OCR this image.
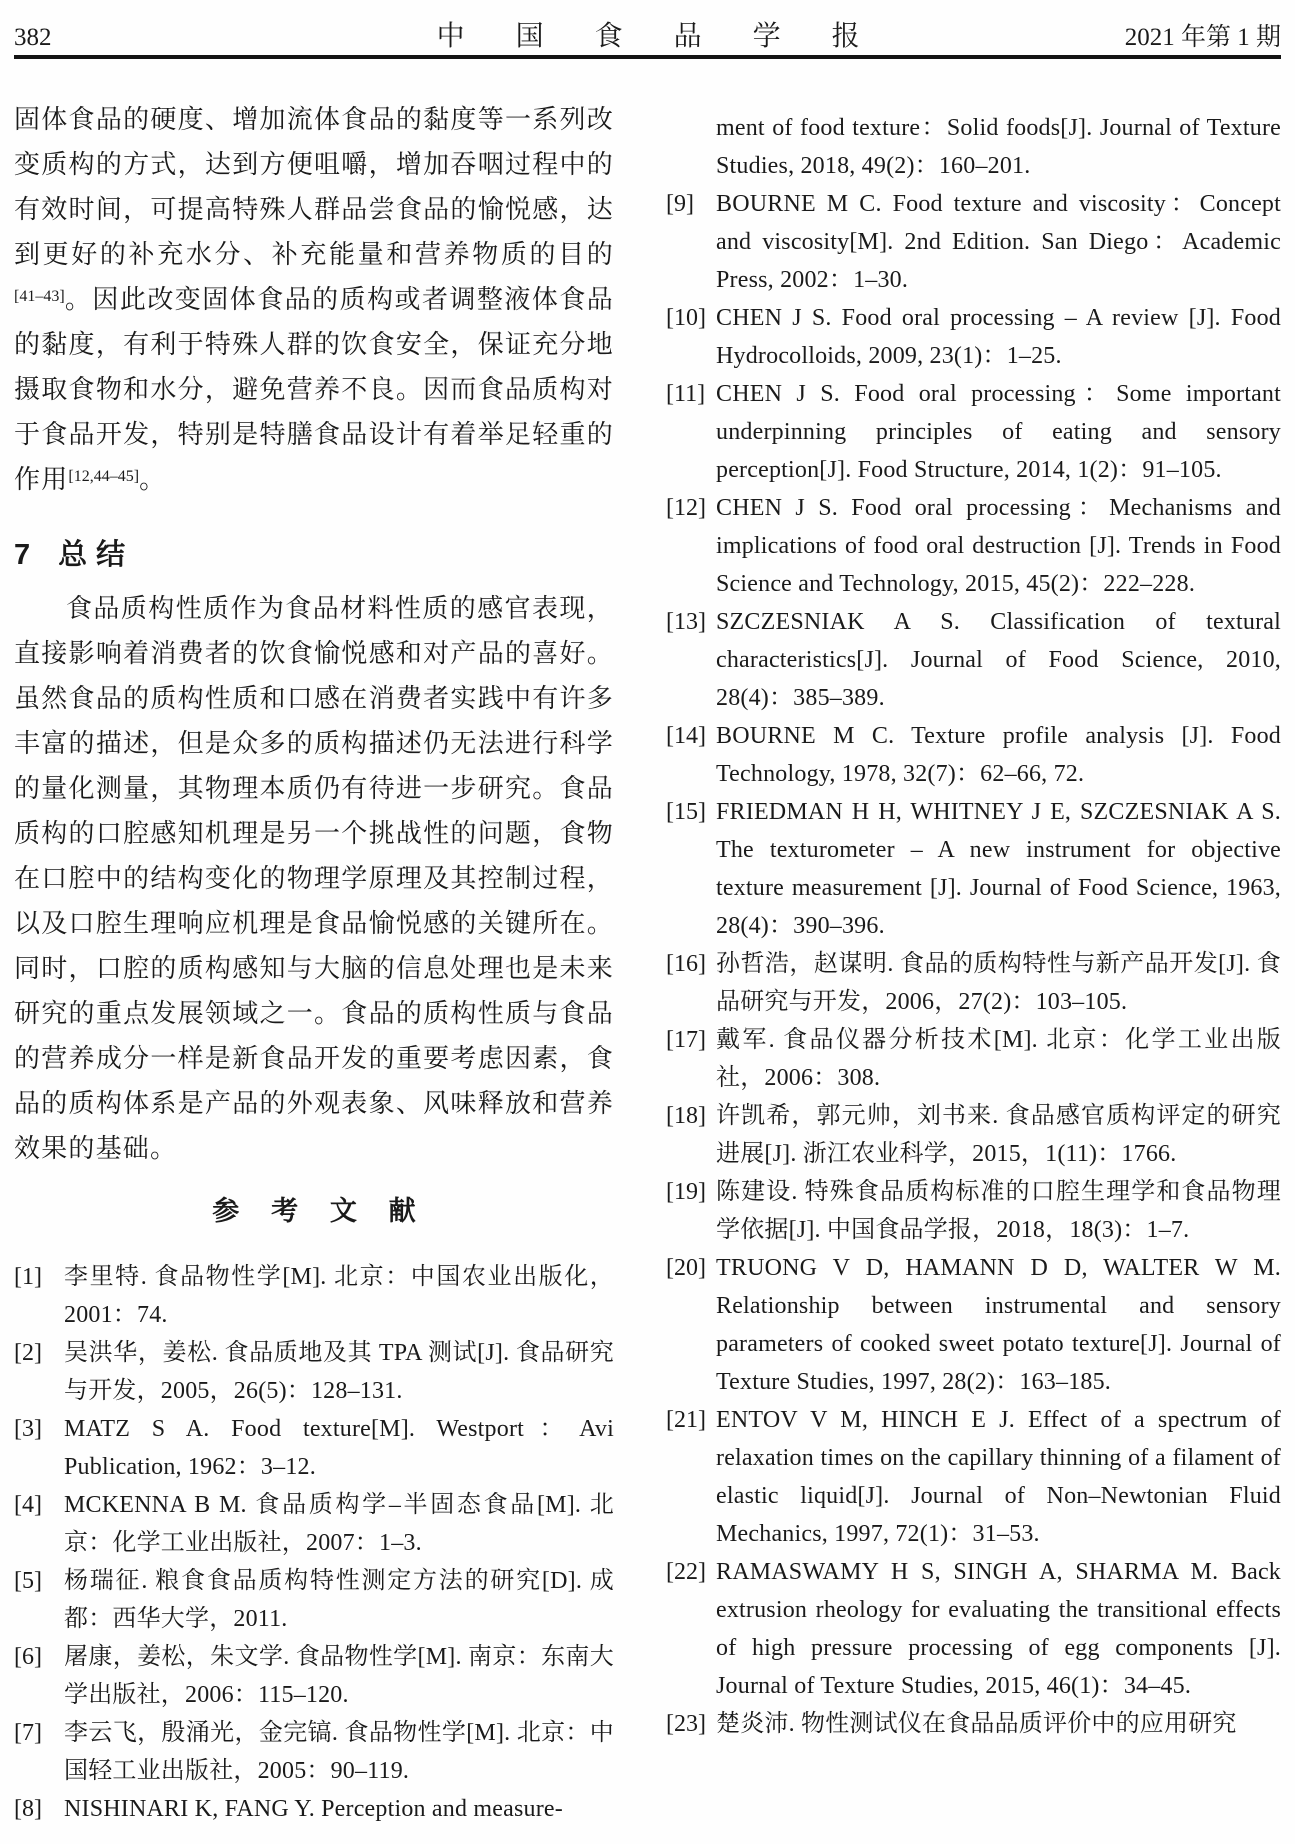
382	中 国 食 品 学 报	2021 年第 1 期

固体食品的硬度、增加流体食品的黏度等一系列改变质构的方式，达到方便咀嚼，增加吞咽过程中的有效时间，可提高特殊人群品尝食品的愉悦感，达到更好的补充水分、补充能量和营养物质的目的[41–43]。因此改变固体食品的质构或者调整液体食品的黏度，有利于特殊人群的饮食安全，保证充分地摄取食物和水分，避免营养不良。因而食品质构对于食品开发，特别是特膳食品设计有着举足轻重的作用[12,44–45]。

7 总结

食品质构性质作为食品材料性质的感官表现，直接影响着消费者的饮食愉悦感和对产品的喜好。虽然食品的质构性质和口感在消费者实践中有许多丰富的描述，但是众多的质构描述仍无法进行科学的量化测量，其物理本质仍有待进一步研究。食品质构的口腔感知机理是另一个挑战性的问题，食物在口腔中的结构变化的物理学原理及其控制过程，以及口腔生理响应机理是食品愉悦感的关键所在。同时，口腔的质构感知与大脑的信息处理也是未来研究的重点发展领域之一。食品的质构性质与食品的营养成分一样是新食品开发的重要考虑因素，食品的质构体系是产品的外观表象、风味释放和营养效果的基础。

参 考 文 献
[1] 李里特. 食品物性学[M]. 北京：中国农业出版化，2001：74.
[2] 吴洪华，姜松. 食品质地及其 TPA 测试[J]. 食品研究与开发，2005，26(5)：128–131.
[3] MATZ S A. Food texture[M]. Westport：Avi Publication, 1962：3–12.
[4] MCKENNA B M. 食品质构学–半固态食品[M]. 北京：化学工业出版社，2007：1–3.
[5] 杨瑞征. 粮食食品质构特性测定方法的研究[D]. 成都：西华大学，2011.
[6] 屠康，姜松，朱文学. 食品物性学[M]. 南京：东南大学出版社，2006：115–120.
[7] 李云飞，殷涌光，金完镐. 食品物性学[M]. 北京：中国轻工业出版社，2005：90–119.
[8] NISHINARI K, FANG Y. Perception and measure-
ment of food texture：Solid foods[J]. Journal of Texture Studies, 2018, 49(2)：160–201.
[9] BOURNE M C. Food texture and viscosity：Concept and viscosity[M]. 2nd Edition. San Diego：Academic Press, 2002：1–30.
[10] CHEN J S. Food oral processing – A review [J]. Food Hydrocolloids, 2009, 23(1)：1–25.
[11] CHEN J S. Food oral processing：Some important underpinning principles of eating and sensory perception[J]. Food Structure, 2014, 1(2)：91–105.
[12] CHEN J S. Food oral processing：Mechanisms and implications of food oral destruction [J]. Trends in Food Science and Technology, 2015, 45(2)：222–228.
[13] SZCZESNIAK A S. Classification of textural characteristics[J]. Journal of Food Science, 2010, 28(4)：385–389.
[14] BOURNE M C. Texture profile analysis [J]. Food Technology, 1978, 32(7)：62–66, 72.
[15] FRIEDMAN H H, WHITNEY J E, SZCZESNIAK A S. The texturometer – A new instrument for objective texture measurement [J]. Journal of Food Science, 1963, 28(4)：390–396.
[16] 孙哲浩，赵谋明. 食品的质构特性与新产品开发[J]. 食品研究与开发，2006，27(2)：103–105.
[17] 戴军. 食品仪器分析技术[M]. 北京：化学工业出版社，2006：308.
[18] 许凯希，郭元帅，刘书来. 食品感官质构评定的研究进展[J]. 浙江农业科学，2015，1(11)：1766.
[19] 陈建设. 特殊食品质构标准的口腔生理学和食品物理学依据[J]. 中国食品学报，2018，18(3)：1–7.
[20] TRUONG V D, HAMANN D D, WALTER W M. Relationship between instrumental and sensory parameters of cooked sweet potato texture[J]. Journal of Texture Studies, 1997, 28(2)：163–185.
[21] ENTOV V M, HINCH E J. Effect of a spectrum of relaxation times on the capillary thinning of a filament of elastic liquid[J]. Journal of Non–Newtonian Fluid Mechanics, 1997, 72(1)：31–53.
[22] RAMASWAMY H S, SINGH A, SHARMA M. Back extrusion rheology for evaluating the transitional effects of high pressure processing of egg components [J]. Journal of Texture Studies, 2015, 46(1)：34–45.
[23] 楚炎沛. 物性测试仪在食品品质评价中的应用研究
